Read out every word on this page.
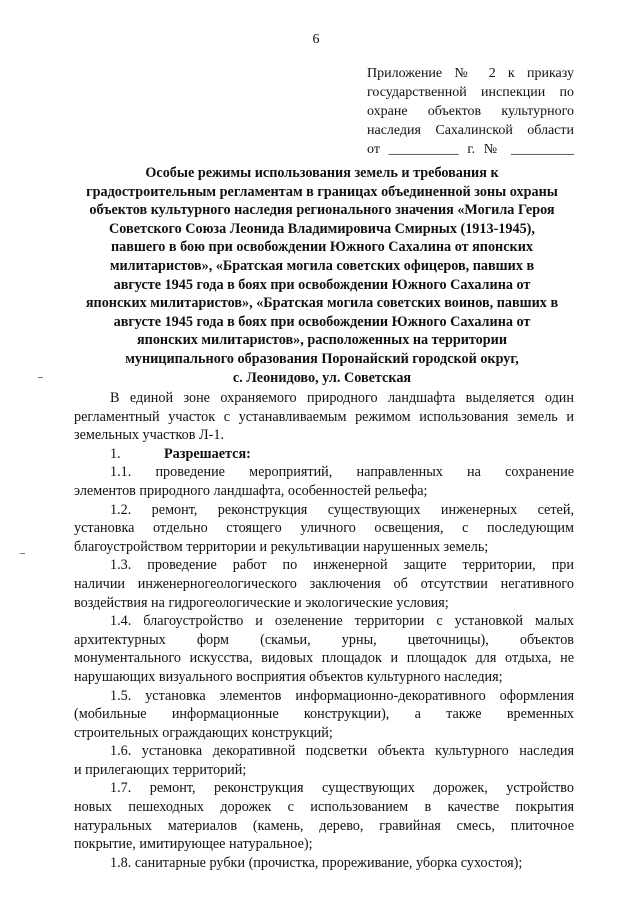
6
Приложение № 2 к приказу
государственной инспекции по
охране объектов культурного
наследия Сахалинской области
от __________ г. № _________
Особые режимы использования земель и требования к
градостроительным регламентам в границах объединенной зоны охраны
объектов культурного наследия регионального значения «Могила Героя
Советского Союза Леонида Владимировича Смирных (1913-1945),
павшего в бою при освобождении Южного Сахалина от японских
милитаристов», «Братская могила советских офицеров, павших в
августе 1945 года в боях при освобождении Южного Сахалина от
японских милитаристов», «Братская могила советских воинов, павших в
августе 1945 года в боях при освобождении Южного Сахалина от
японских милитаристов», расположенных на территории
муниципального образования Поронайский городской округ,
с. Леонидово, ул. Советская
В единой зоне охраняемого природного ландшафта выделяется один
регламентный участок с устанавливаемым режимом использования земель и
земельных участков Л-1.
1.	Разрешается:
1.1. проведение мероприятий, направленных на сохранение
элементов природного ландшафта, особенностей рельефа;
1.2. ремонт, реконструкция существующих инженерных сетей,
установка отдельно стоящего уличного освещения, с последующим
благоустройством территории и рекультивации нарушенных земель;
1.3. проведение работ по инженерной защите территории, при
наличии инженерногеологического заключения об отсутствии негативного
воздействия на гидрогеологические и экологические условия;
1.4. благоустройство и озеленение территории с установкой малых
архитектурных форм (скамьи, урны, цветочницы), объектов
монументального искусства, видовых площадок и площадок для отдыха, не
нарушающих визуального восприятия объектов культурного наследия;
1.5. установка элементов информационно-декоративного оформления
(мобильные информационные конструкции), а также временных
строительных ограждающих конструкций;
1.6. установка декоративной подсветки объекта культурного наследия
и прилегающих территорий;
1.7. ремонт, реконструкция существующих дорожек, устройство
новых пешеходных дорожек с использованием в качестве покрытия
натуральных материалов (камень, дерево, гравийная смесь, плиточное
покрытие, имитирующее натуральное);
1.8. санитарные рубки (прочистка, прореживание, уборка сухостоя);
